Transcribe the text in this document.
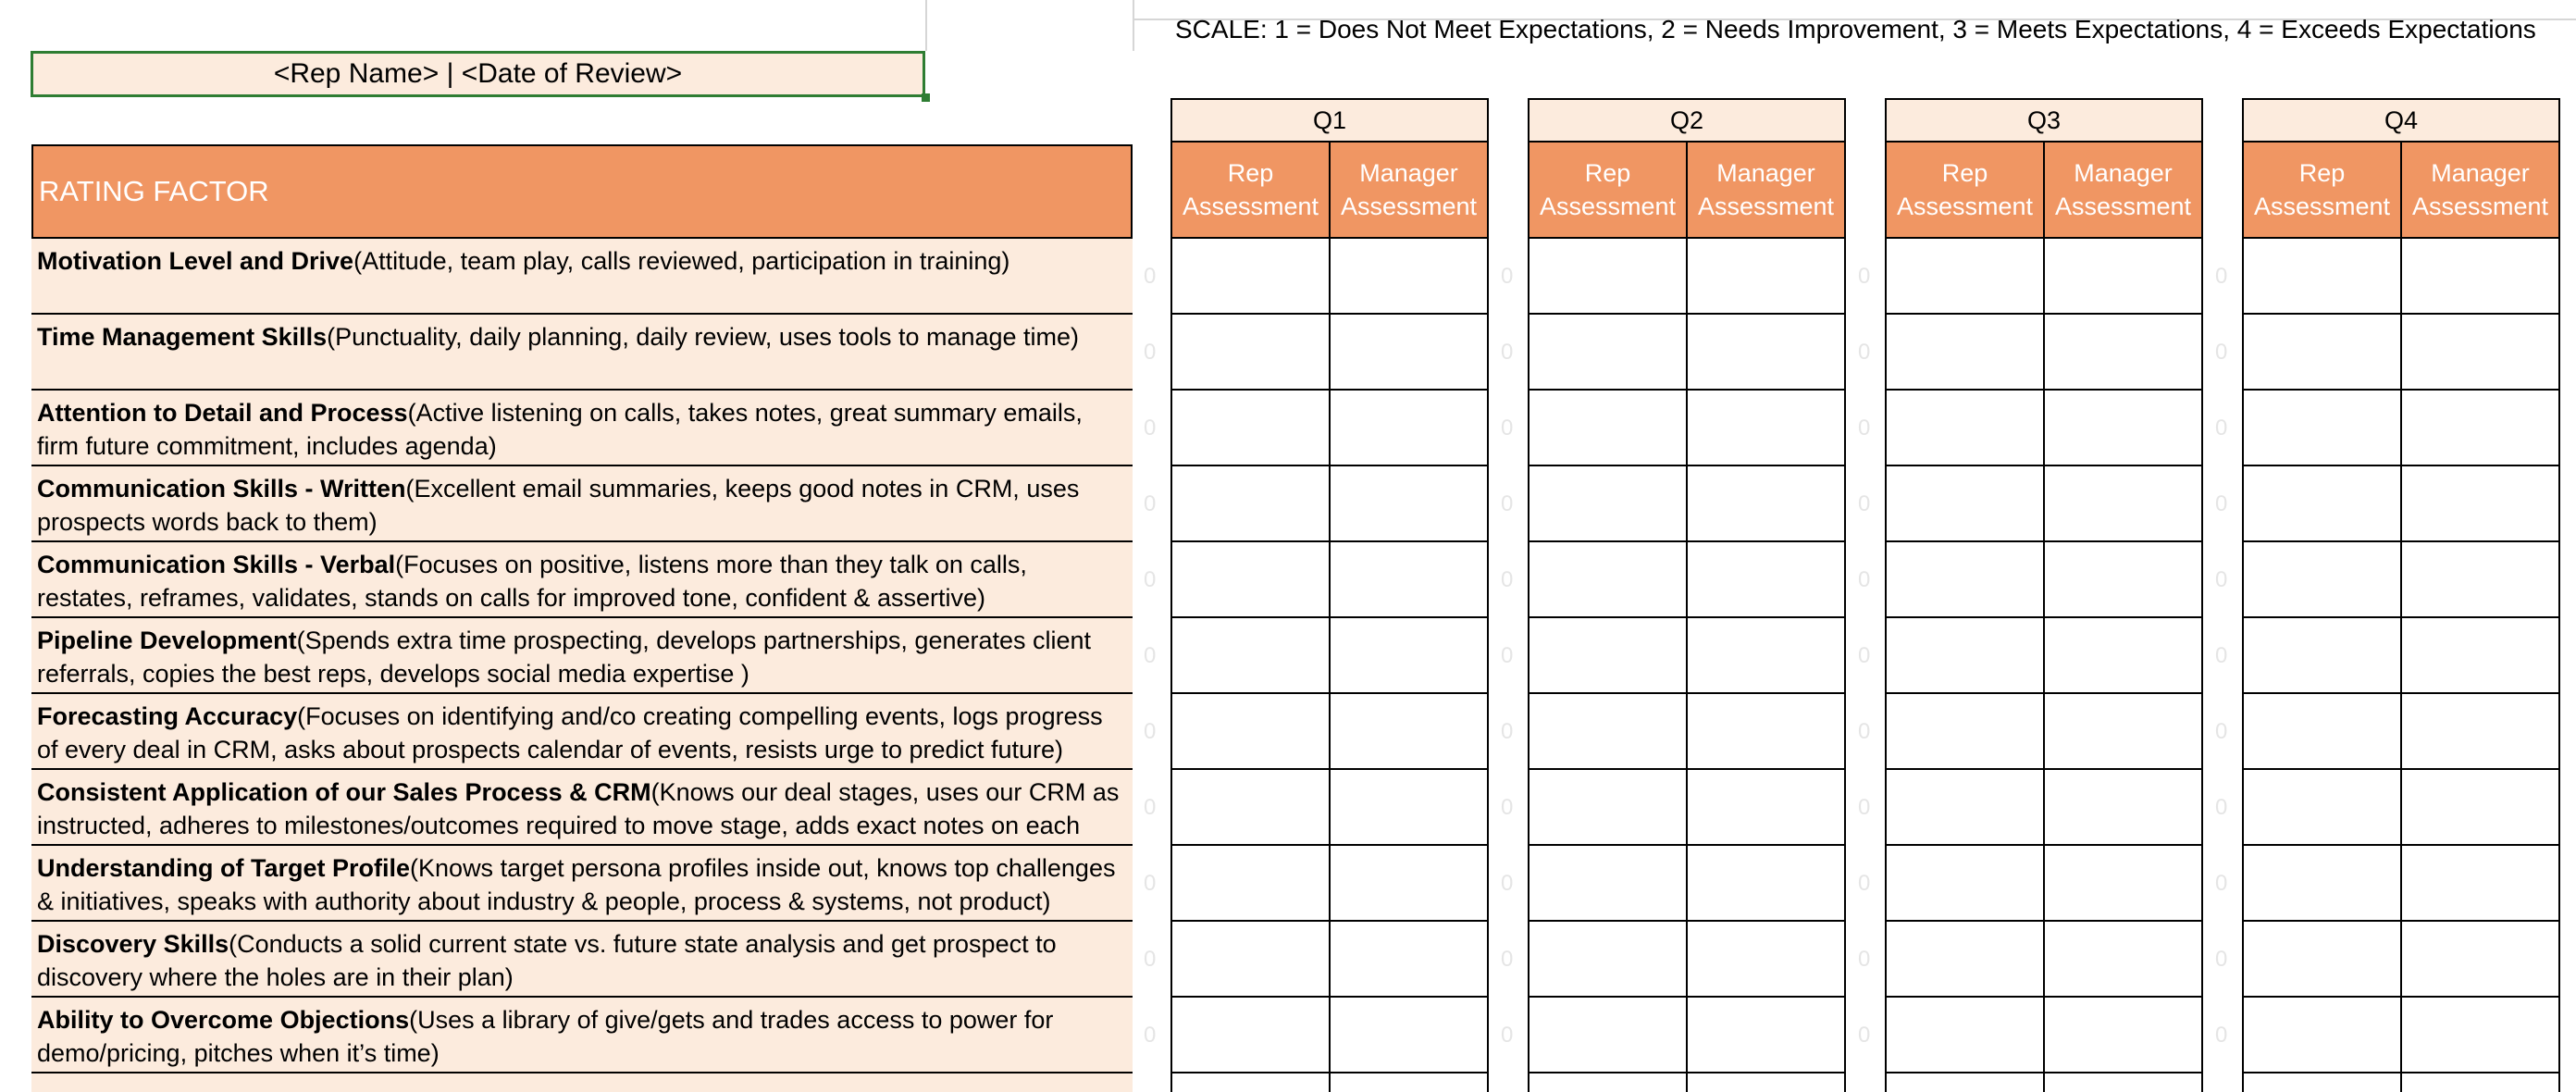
SCALE: 1 = Does Not Meet Expectations, 2 = Needs Improvement, 3 = Meets Expectations, 4 = Exceeds Expectations
<Rep Name> | <Date of Review>
RATING FACTOR
Motivation Level and Drive(Attitude, team play, calls reviewed, participation in training)
Time Management Skills(Punctuality, daily planning, daily review, uses tools to manage time)
Attention to Detail and Process(Active listening on calls, takes notes, great summary emails, firm future commitment, includes agenda)
Communication Skills - Written(Excellent email summaries, keeps good notes in CRM, uses prospects words back to them)
Communication Skills - Verbal(Focuses on positive, listens more than they talk on calls, restates, reframes, validates, stands on calls for improved tone, confident & assertive)
Pipeline Development(Spends extra time prospecting, develops partnerships, generates client referrals, copies the best reps, develops social media expertise )
Forecasting Accuracy(Focuses on identifying and/co creating compelling events, logs progress of every deal in CRM, asks about prospects calendar of events, resists urge to predict future)
Consistent Application of our Sales Process & CRM(Knows our deal stages, uses our CRM as instructed, adheres to milestones/outcomes required to move stage, adds exact notes on each
Understanding of Target Profile(Knows target persona profiles inside out, knows top challenges & initiatives, speaks with authority about industry & people, process & systems, not product)
Discovery Skills(Conducts a solid current state vs. future state analysis and get prospect to discovery where the holes are in their plan)
Ability to Overcome Objections(Uses a library of give/gets and trades access to power for demo/pricing, pitches when it’s time)
Q1
Rep Assessment
Manager Assessment
Q2
Rep Assessment
Manager Assessment
Q3
Rep Assessment
Manager Assessment
Q4
Rep Assessment
Manager Assessment
0
0
0
0
0
0
0
0
0
0
0
0
0
0
0
0
0
0
0
0
0
0
0
0
0
0
0
0
0
0
0
0
0
0
0
0
0
0
0
0
0
0
0
0
